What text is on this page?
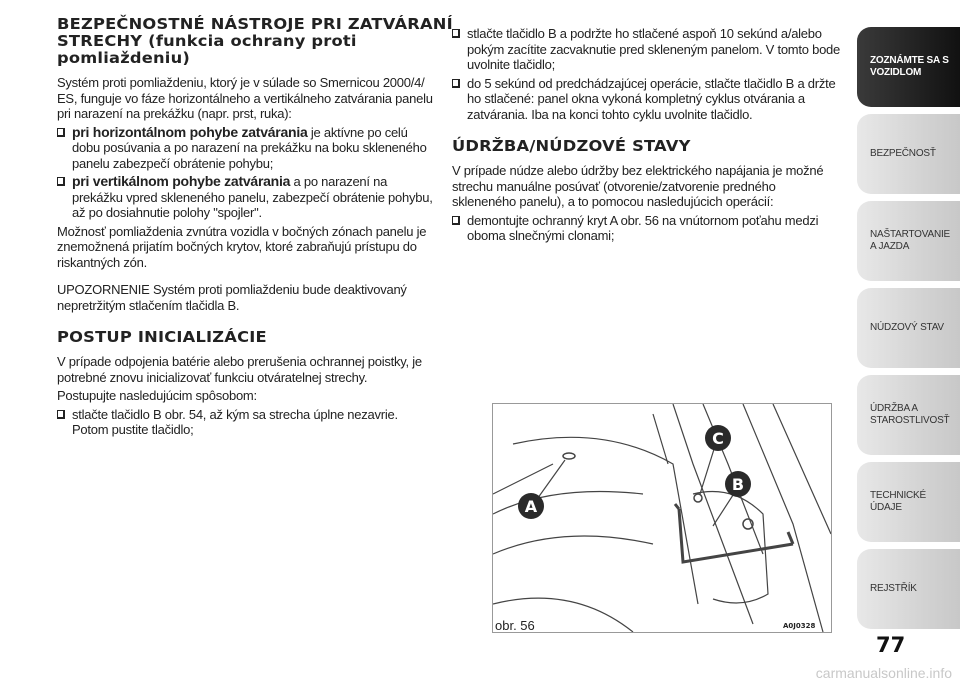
BEZPEČNOSTNÉ NÁSTROJE PRI ZATVÁRANÍ STRECHY (funkcia ochrany proti pomliaždeniu)

Systém proti pomliaždeniu, ktorý je v súlade so Smernicou 2000/4/ ES, funguje vo fáze horizontálneho a vertikálneho zatvárania panelu pri narazení na prekážku (napr. prst, ruka):

pri horizontálnom pohybe zatvárania je aktívne po celú dobu posúvania a po narazení na prekážku na boku skleneného panelu zabezpečí obrátenie pohybu;
pri vertikálnom pohybe zatvárania a po narazení na prekážku vpred skleneného panelu, zabezpečí obrátenie pohybu, až po dosiahnutie polohy "spojler".

Možnosť pomliaždenia zvnútra vozidla v bočných zónach panelu je znemožnená prijatím bočných krytov, ktoré zabraňujú prístupu do riskantných zón.

UPOZORNENIE Systém proti pomliaždeniu bude deaktivovaný nepretržitým stlačením tlačidla B.

POSTUP INICIALIZÁCIE

V prípade odpojenia batérie alebo prerušenia ochrannej poistky, je potrebné znovu inicializovať funkciu otváratelnej strechy.

Postupujte nasledujúcim spôsobom:

stlačte tlačidlo B obr. 54, až kým sa strecha úplne nezavrie. Potom pustite tlačidlo;
stlačte tlačidlo B a podržte ho stlačené aspoň 10 sekúnd a/alebo pokým zacítite zacvaknutie pred skleneným panelom. V tomto bode uvolnite tlačidlo;
do 5 sekúnd od predchádzajúcej operácie, stlačte tlačidlo B a držte ho stlačené: panel okna vykoná kompletný cyklus otvárania a zatvárania. Iba na konci tohto cyklu uvolnite tlačidlo.
ÚDRŽBA/NÚDZOVÉ STAVY

V prípade núdze alebo údržby bez elektrického napájania je možné strechu manuálne posúvať (otvorenie/zatvorenie predného skleneného panelu), a to pomocou nasledujúcich operácií:

demontujte ochranný kryt A obr. 56 na vnútornom poťahu medzi oboma slnečnými clonami;
A
C
B
obr. 56	A0J0328
ZOZNÁMTE SA S VOZIDLOM
BEZPEČNOSŤ
NAŠTARTOVANIE A JAZDA
NÚDZOVÝ STAV
ÚDRŽBA A STAROSTLIVOSŤ
TECHNICKÉ ÚDAJE
REJSTŘÍK
77
carmanualsonline.info
